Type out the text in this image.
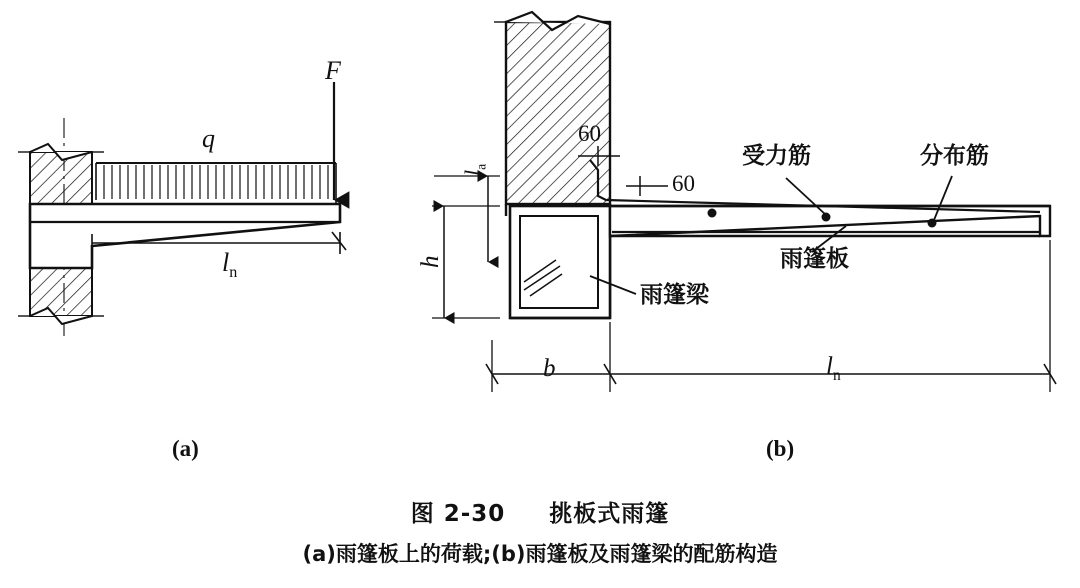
q
F
$l_n$
(a)
60
60
$l_a$
h
b	$l_n$
受力筋	分布筋
雨篷板
雨篷梁
(b)
图 2-30 挑板式雨篷
(a)雨篷板上的荷载;(b)雨篷板及雨篷梁的配筋构造
